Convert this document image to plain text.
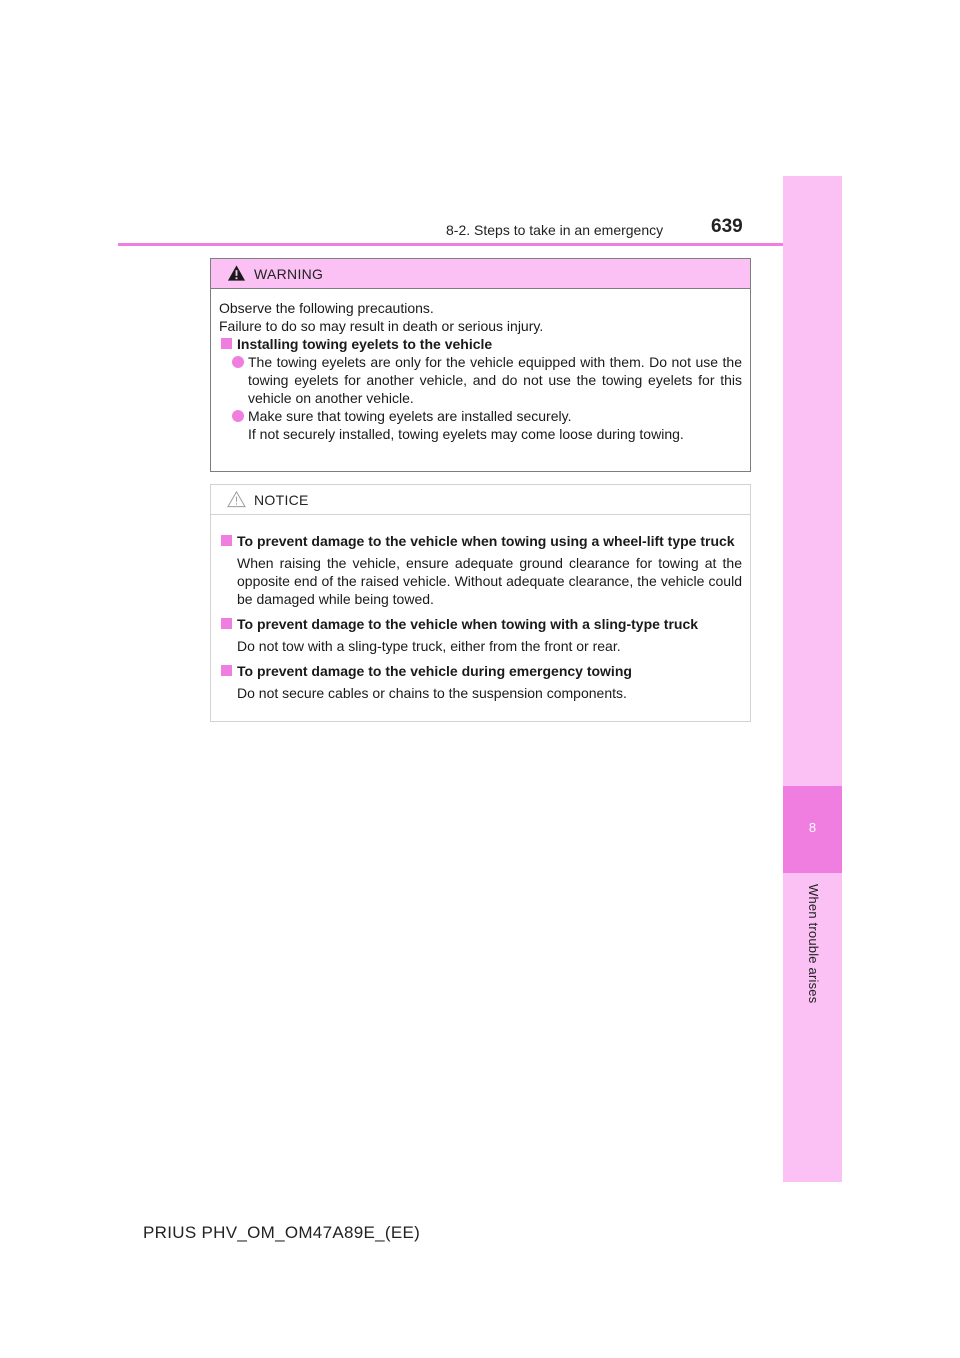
8-2. Steps to take in an emergency	639
8
When trouble arises
WARNING

Observe the following precautions.

Failure to do so may result in death or serious injury.

Installing towing eyelets to the vehicle

The towing eyelets are only for the vehicle equipped with them. Do not use the towing eyelets for another vehicle, and do not use the towing eyelets for this vehicle on another vehicle.

Make sure that towing eyelets are installed securely.
If not securely installed, towing eyelets may come loose during towing.

NOTICE

To prevent damage to the vehicle when towing using a wheel-lift type truck

When raising the vehicle, ensure adequate ground clearance for towing at the opposite end of the raised vehicle. Without adequate clearance, the vehicle could be damaged while being towed.

To prevent damage to the vehicle when towing with a sling-type truck

Do not tow with a sling-type truck, either from the front or rear.

To prevent damage to the vehicle during emergency towing

Do not secure cables or chains to the suspension components.

PRIUS PHV_OM_OM47A89E_(EE)
